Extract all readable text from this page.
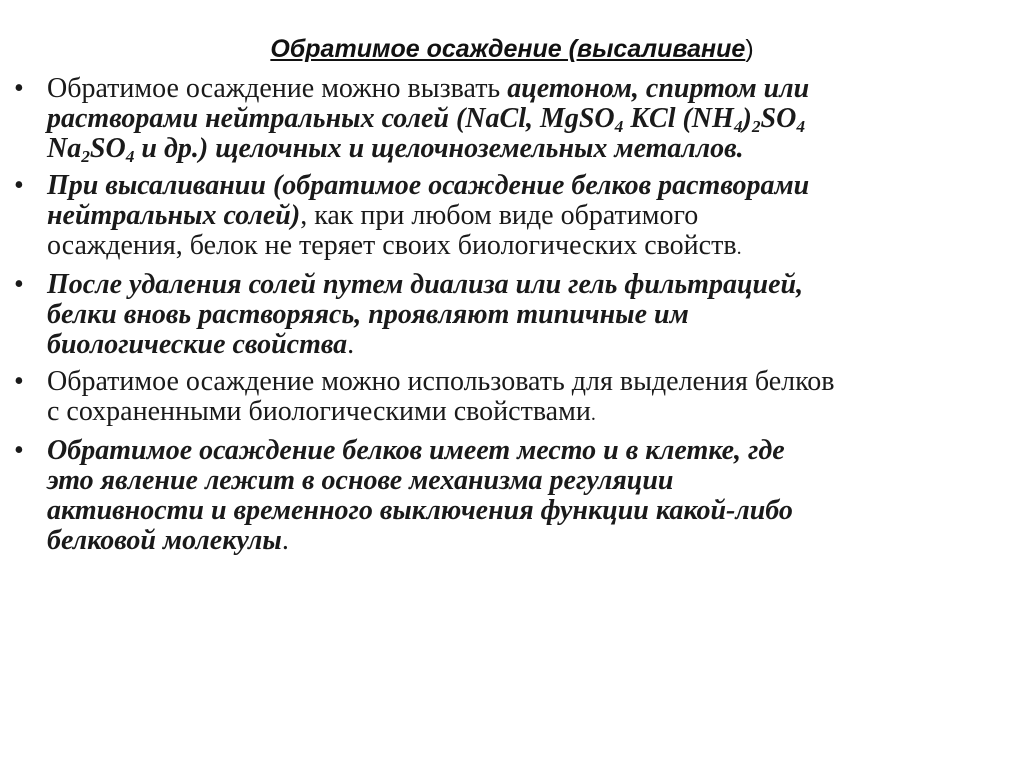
Обратимое осаждение (высаливание)
• Обратимое осаждение можно вызвать ацетоном, спиртом или
растворами нейтральных солей (NaCl, MgSO$_4$ KCl $(NH_4)_2SO_4$
$Na_2SO_4$ и др.) щелочных и щелочноземельных металлов.
• При высаливании (обратимое осаждение белков растворами
нейтральных солей), как при любом виде обратимого
осаждения, белок не теряет своих биологических свойств.
• После удаления солей путем диализа или гель фильтрацией,
белки вновь растворяясь, проявляют типичные им
биологические свойства.
• Обратимое осаждение можно использовать для выделения белков
с сохраненными биологическими свойствами.
• Обратимое осаждение белков имеет место и в клетке, где
это явление лежит в основе механизма регуляции
активности и временного выключения функции какой-либо
белковой молекулы.
